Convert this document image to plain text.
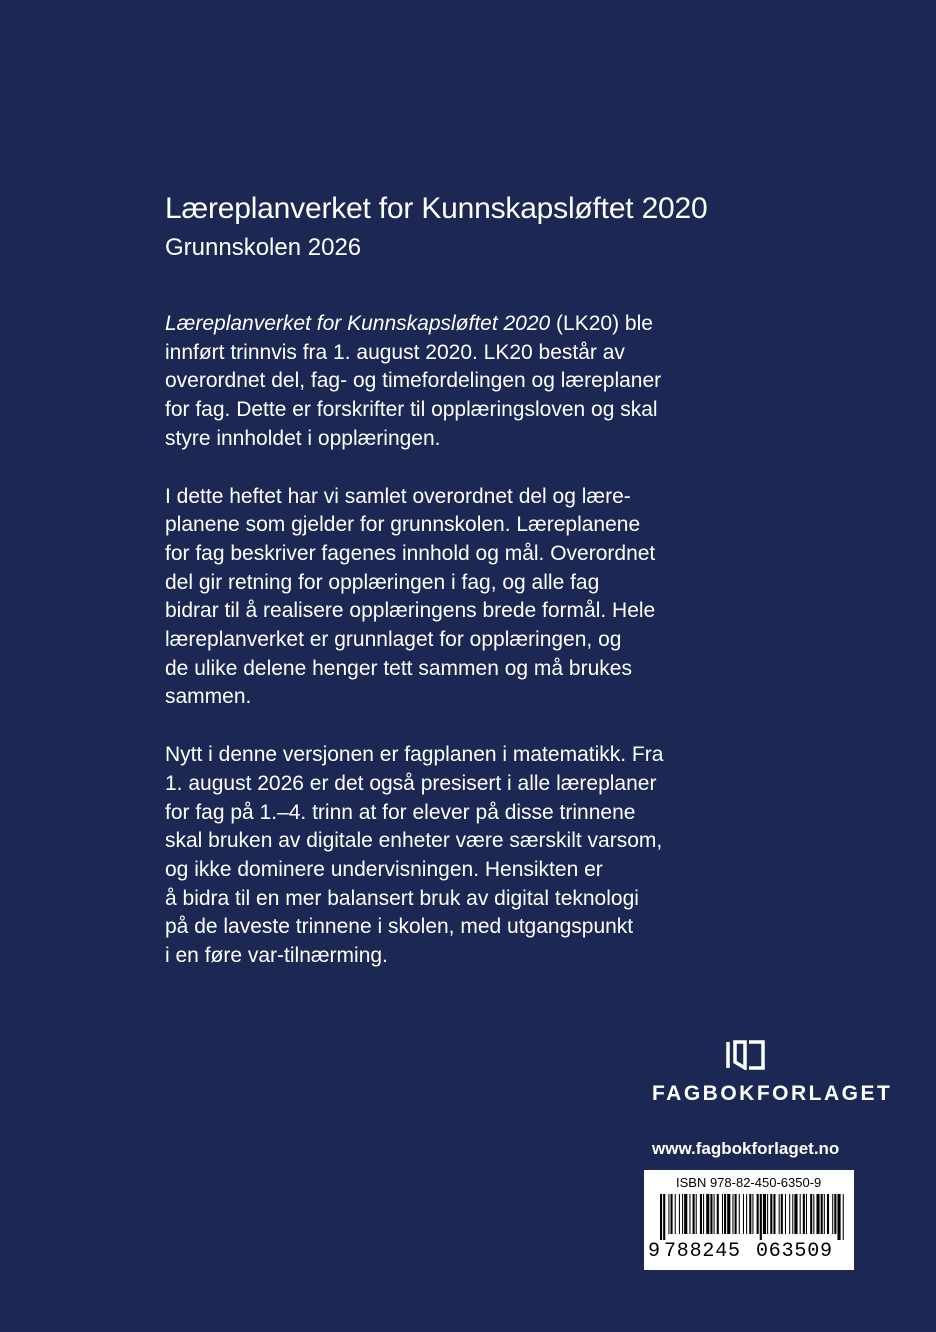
Læreplanverket for Kunnskapsløftet 2020
Grunnskolen 2026

Læreplanverket for Kunnskapsløftet 2020 (LK20) ble
innført trinnvis fra 1. august 2020. LK20 består av
overordnet del, fag- og timefordelingen og læreplaner
for fag. Dette er forskrifter til opplæringsloven og skal
styre innholdet i opplæringen.

I dette heftet har vi samlet overordnet del og lære-
planene som gjelder for grunnskolen. Læreplanene
for fag beskriver fagenes innhold og mål. Overordnet
del gir retning for opplæringen i fag, og alle fag
bidrar til å realisere opplæringens brede formål. Hele
læreplanverket er grunnlaget for opplæringen, og
de ulike delene henger tett sammen og må brukes
sammen.

Nytt i denne versjonen er fagplanen i matematikk. Fra
1. august 2026 er det også presisert i alle læreplaner
for fag på 1.–4. trinn at for elever på disse trinnene
skal bruken av digitale enheter være særskilt varsom,
og ikke dominere undervisningen. Hensikten er
å bidra til en mer balansert bruk av digital teknologi
på de laveste trinnene i skolen, med utgangspunkt
i en føre var-tilnærming.

FAGBOKFORLAGET
www.fagbokforlaget.no
ISBN 978-82-450-6350-9
9 788245 063509
